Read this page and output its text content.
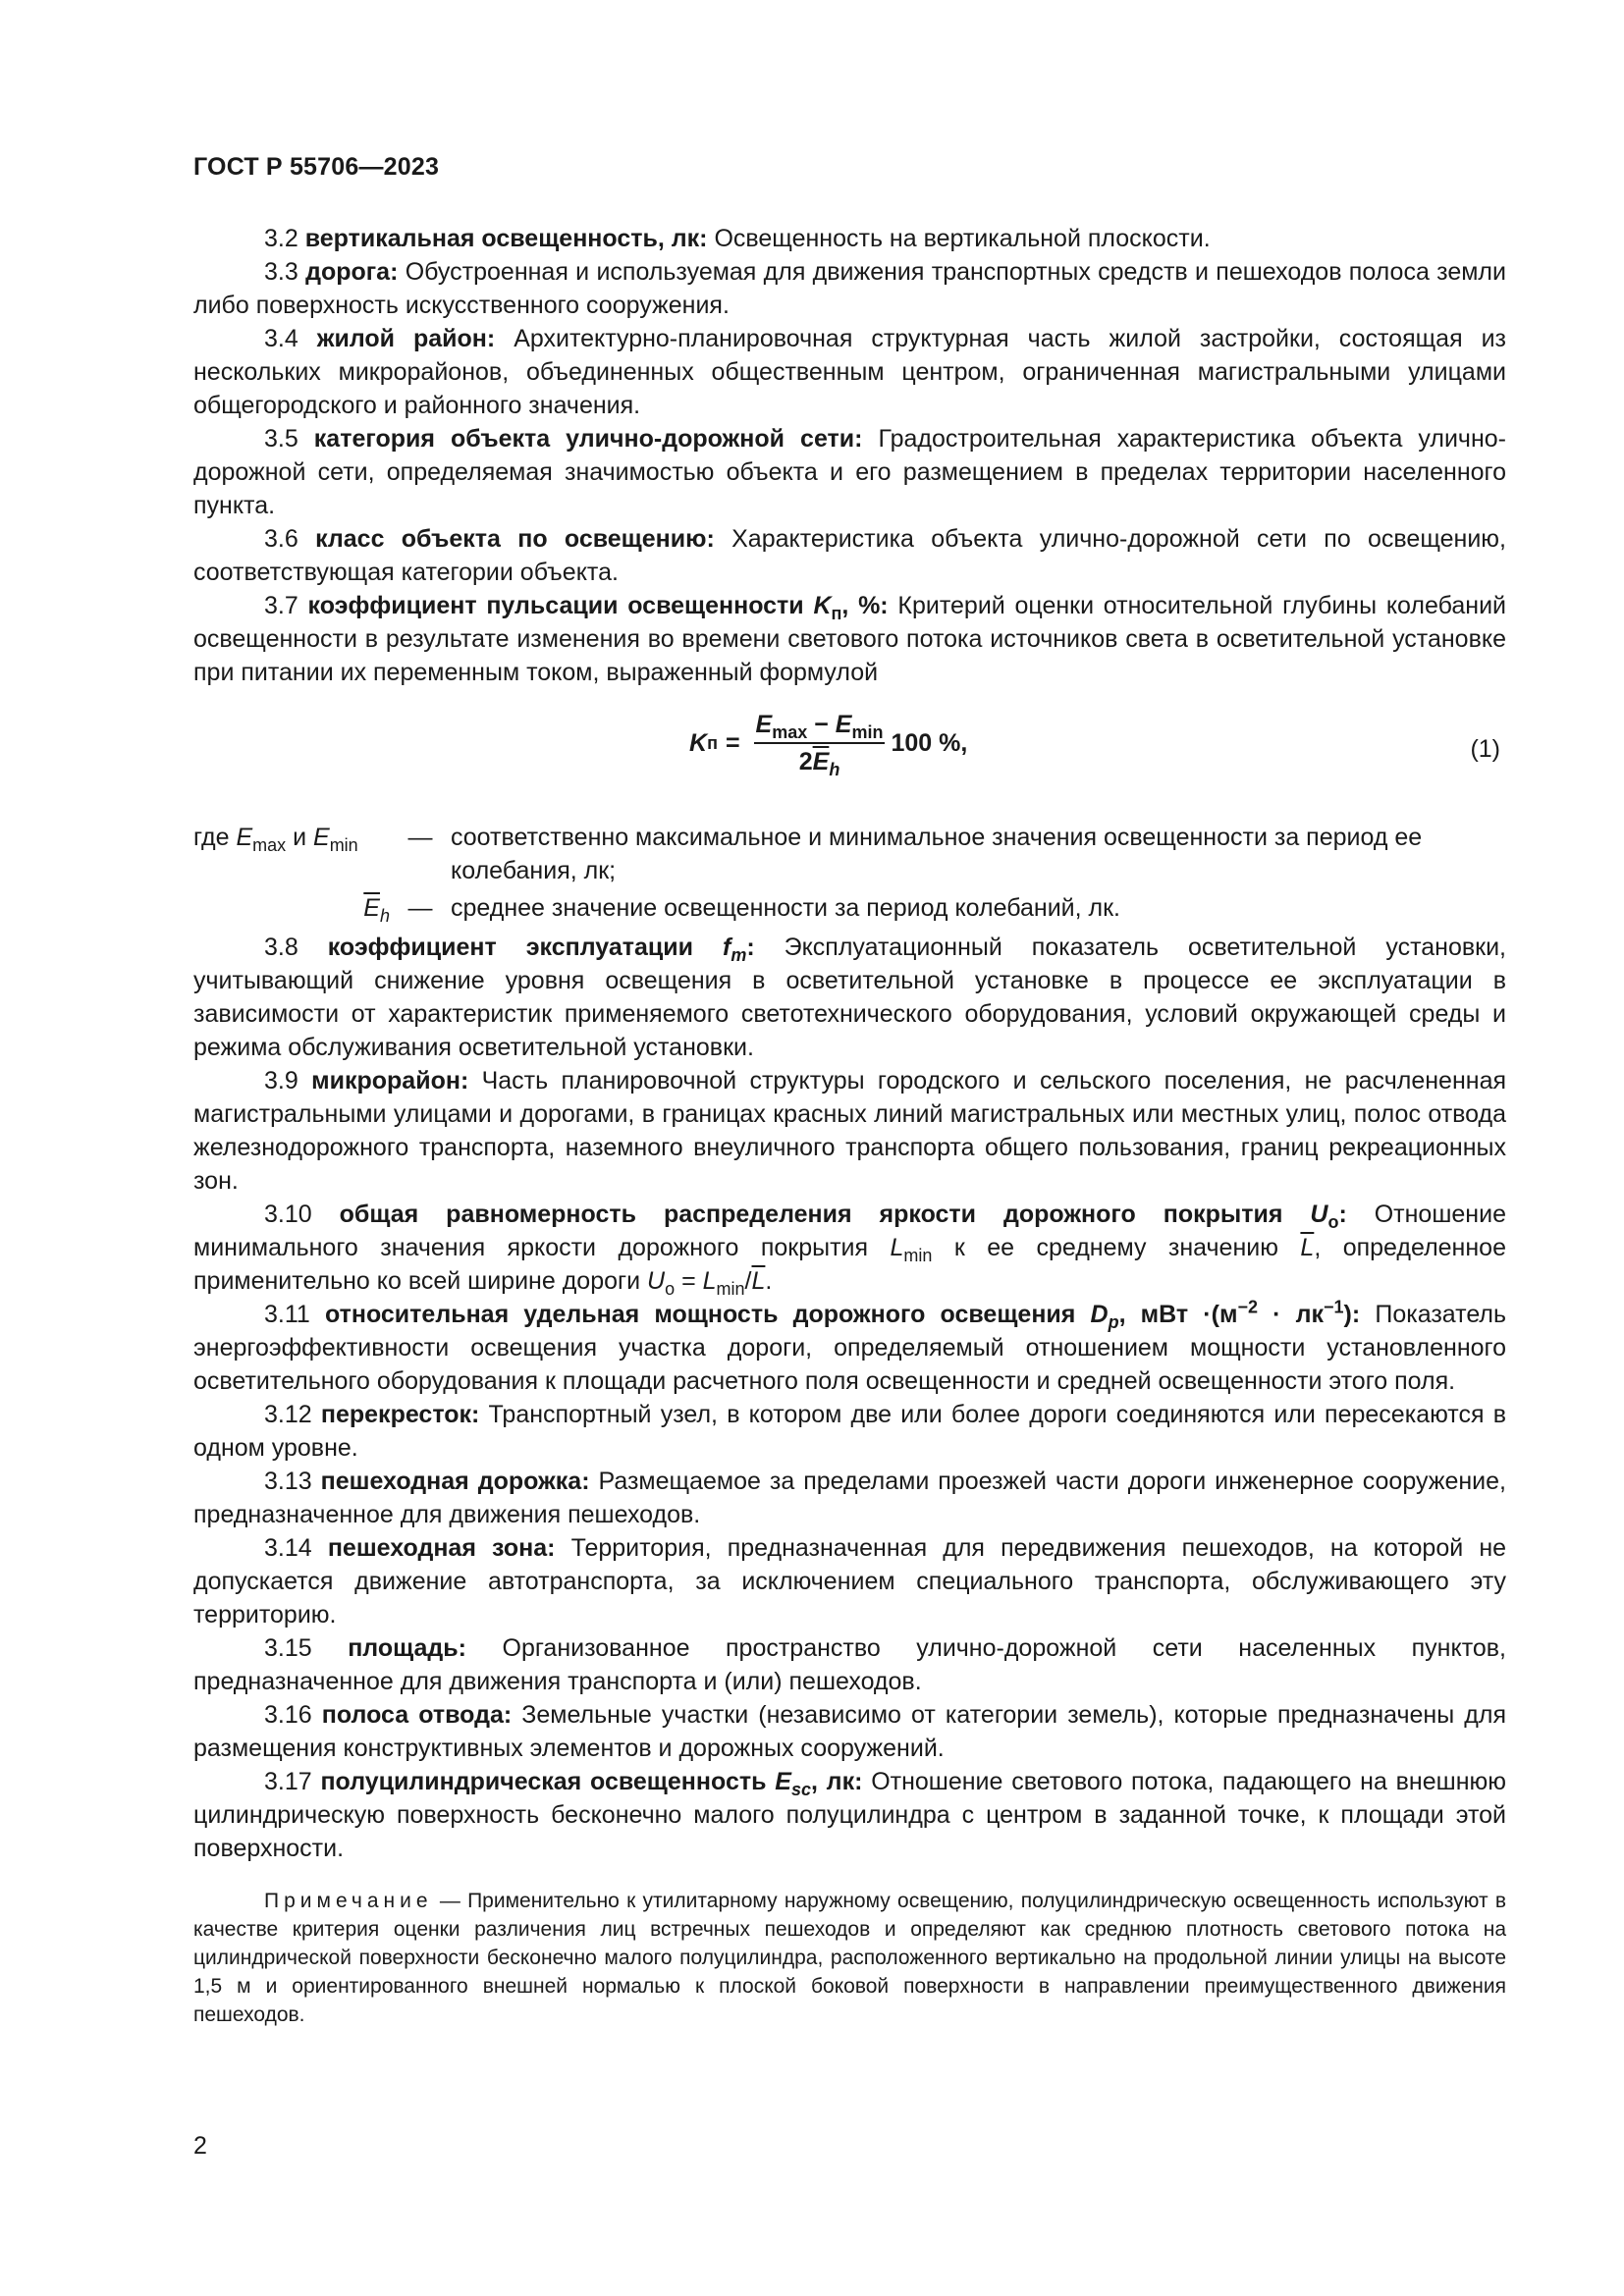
ГОСТ Р 55706—2023

3.2 вертикальная освещенность, лк: Освещенность на вертикальной плоскости.

3.3 дорога: Обустроенная и используемая для движения транспортных средств и пешеходов полоса земли либо поверхность искусственного сооружения.

3.4 жилой район: Архитектурно-планировочная структурная часть жилой застройки, состоящая из нескольких микрорайонов, объединенных общественным центром, ограниченная магистральными улицами общегородского и районного значения.

3.5 категория объекта улично-дорожной сети: Градостроительная характеристика объекта улично-дорожной сети, определяемая значимостью объекта и его размещением в пределах территории населенного пункта.

3.6 класс объекта по освещению: Характеристика объекта улично-дорожной сети по освещению, соответствующая категории объекта.

3.7 коэффициент пульсации освещенности $K_п$, %: Критерий оценки относительной глубины колебаний освещенности в результате изменения во времени светового потока источников света в осветительной установке при питании их переменным током, выраженный формулой

K $п = \frac{E_{max} - E_{min}}{2\overline{E}_h} 100$ %,	(1)
где $E_{max}$ и $E_{min}$	— соответственно максимальное и минимальное значения освещенности за период ее колебания, лк;
$\overline{E}_h$ — среднее значение освещенности за период колебаний, лк.

3.8 коэффициент эксплуатации $f_m$: Эксплуатационный показатель осветительной установки, учитывающий снижение уровня освещения в осветительной установке в процессе ее эксплуатации в зависимости от характеристик применяемого светотехнического оборудования, условий окружающей среды и режима обслуживания осветительной установки.

3.9 микрорайон: Часть планировочной структуры городского и сельского поселения, не расчлененная магистральными улицами и дорогами, в границах красных линий магистральных или местных улиц, полос отвода железнодорожного транспорта, наземного внеуличного транспорта общего пользования, границ рекреационных зон.

3.10 общая равномерность распределения яркости дорожного покрытия $U_o$: Отношение минимального значения яркости дорожного покрытия $L_{min}$ к ее среднему значению $\overline{L}$, определенное применительно ко всей ширине дороги $U_o = L_{min}/\overline{L}$.

3.11 относительная удельная мощность дорожного освещения $D_p$, мВт $\cdot(м^{-2} \cdot лк^{-1})$: Показатель энергоэффективности освещения участка дороги, определяемый отношением мощности установленного осветительного оборудования к площади расчетного поля освещенности и средней освещенности этого поля.

3.12 перекресток: Транспортный узел, в котором две или более дороги соединяются или пересекаются в одном уровне.

3.13 пешеходная дорожка: Размещаемое за пределами проезжей части дороги инженерное сооружение, предназначенное для движения пешеходов.

3.14 пешеходная зона: Территория, предназначенная для передвижения пешеходов, на которой не допускается движение автотранспорта, за исключением специального транспорта, обслуживающего эту территорию.

3.15 площадь: Организованное пространство улично-дорожной сети населенных пунктов, предназначенное для движения транспорта и (или) пешеходов.

3.16 полоса отвода: Земельные участки (независимо от категории земель), которые предназначены для размещения конструктивных элементов и дорожных сооружений.

3.17 полуцилиндрическая освещенность $E_{sc}$, лк: Отношение светового потока, падающего на внешнюю цилиндрическую поверхность бесконечно малого полуцилиндра с центром в заданной точке, к площади этой поверхности.

Примечание — Применительно к утилитарному наружному освещению, полуцилиндрическую освещенность используют в качестве критерия оценки различения лиц встречных пешеходов и определяют как среднюю плотность светового потока на цилиндрической поверхности бесконечно малого полуцилиндра, расположенного вертикально на продольной линии улицы на высоте 1,5 м и ориентированного внешней нормалью к плоской боковой поверхности в направлении преимущественного движения пешеходов.

2
